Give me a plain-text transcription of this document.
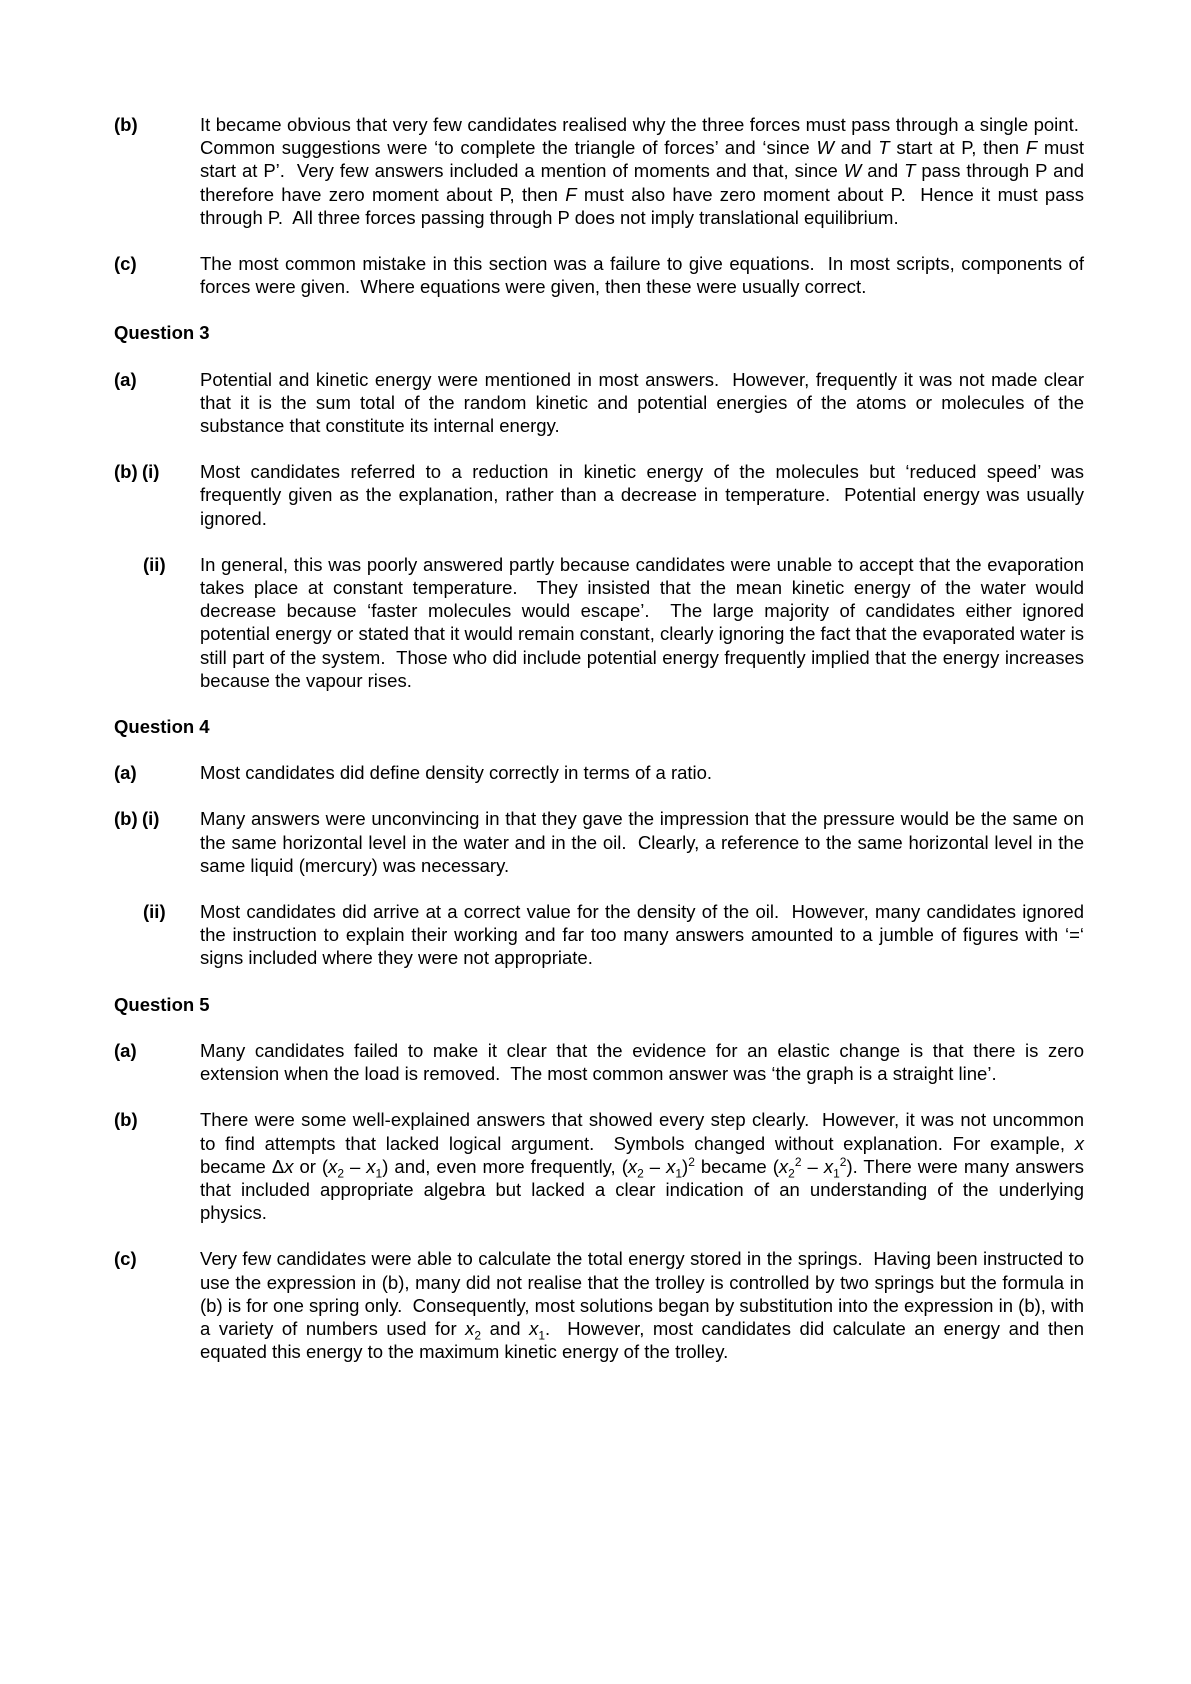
(b)	It became obvious that very few candidates realised why the three forces must pass through a single point.  Common suggestions were ‘to complete the triangle of forces’ and ‘since W and T start at P, then F must start at P’.  Very few answers included a mention of moments and that, since W and T pass through P and therefore have zero moment about P, then F must also have zero moment about P.  Hence it must pass through P.  All three forces passing through P does not imply translational equilibrium.
(c)	The most common mistake in this section was a failure to give equations.  In most scripts, components of forces were given.  Where equations were given, then these were usually correct.
Question 3
(a)	Potential and kinetic energy were mentioned in most answers.  However, frequently it was not made clear that it is the sum total of the random kinetic and potential energies of the atoms or molecules of the substance that constitute its internal energy.
(b) (i) Most candidates referred to a reduction in kinetic energy of the molecules but ‘reduced speed’ was frequently given as the explanation, rather than a decrease in temperature.  Potential energy was usually ignored.
(ii) In general, this was poorly answered partly because candidates were unable to accept that the evaporation takes place at constant temperature.  They insisted that the mean kinetic energy of the water would decrease because ‘faster molecules would escape’.  The large majority of candidates either ignored potential energy or stated that it would remain constant, clearly ignoring the fact that the evaporated water is still part of the system.  Those who did include potential energy frequently implied that the energy increases because the vapour rises.
Question 4
(a)	Most candidates did define density correctly in terms of a ratio.
(b) (i) Many answers were unconvincing in that they gave the impression that the pressure would be the same on the same horizontal level in the water and in the oil.  Clearly, a reference to the same horizontal level in the same liquid (mercury) was necessary.
(ii) Most candidates did arrive at a correct value for the density of the oil.  However, many candidates ignored the instruction to explain their working and far too many answers amounted to a jumble of figures with ‘=‘ signs included where they were not appropriate.
Question 5
(a)	Many candidates failed to make it clear that the evidence for an elastic change is that there is zero extension when the load is removed.  The most common answer was ‘the graph is a straight line’.
(b)	There were some well-explained answers that showed every step clearly.  However, it was not uncommon to find attempts that lacked logical argument.  Symbols changed without explanation. For example, x became Δx or $(x_2 - x_1)$ and, even more frequently, $(x_2 - x_1)^2$ became $(x_2^2 - x_1^2)$. There were many answers that included appropriate algebra but lacked a clear indication of an understanding of the underlying physics.
(c)	Very few candidates were able to calculate the total energy stored in the springs.  Having been instructed to use the expression in (b), many did not realise that the trolley is controlled by two springs but the formula in (b) is for one spring only.  Consequently, most solutions began by substitution into the expression in (b), with a variety of numbers used for $x_2$ and $x_1$.  However, most candidates did calculate an energy and then equated this energy to the maximum kinetic energy of the trolley.
